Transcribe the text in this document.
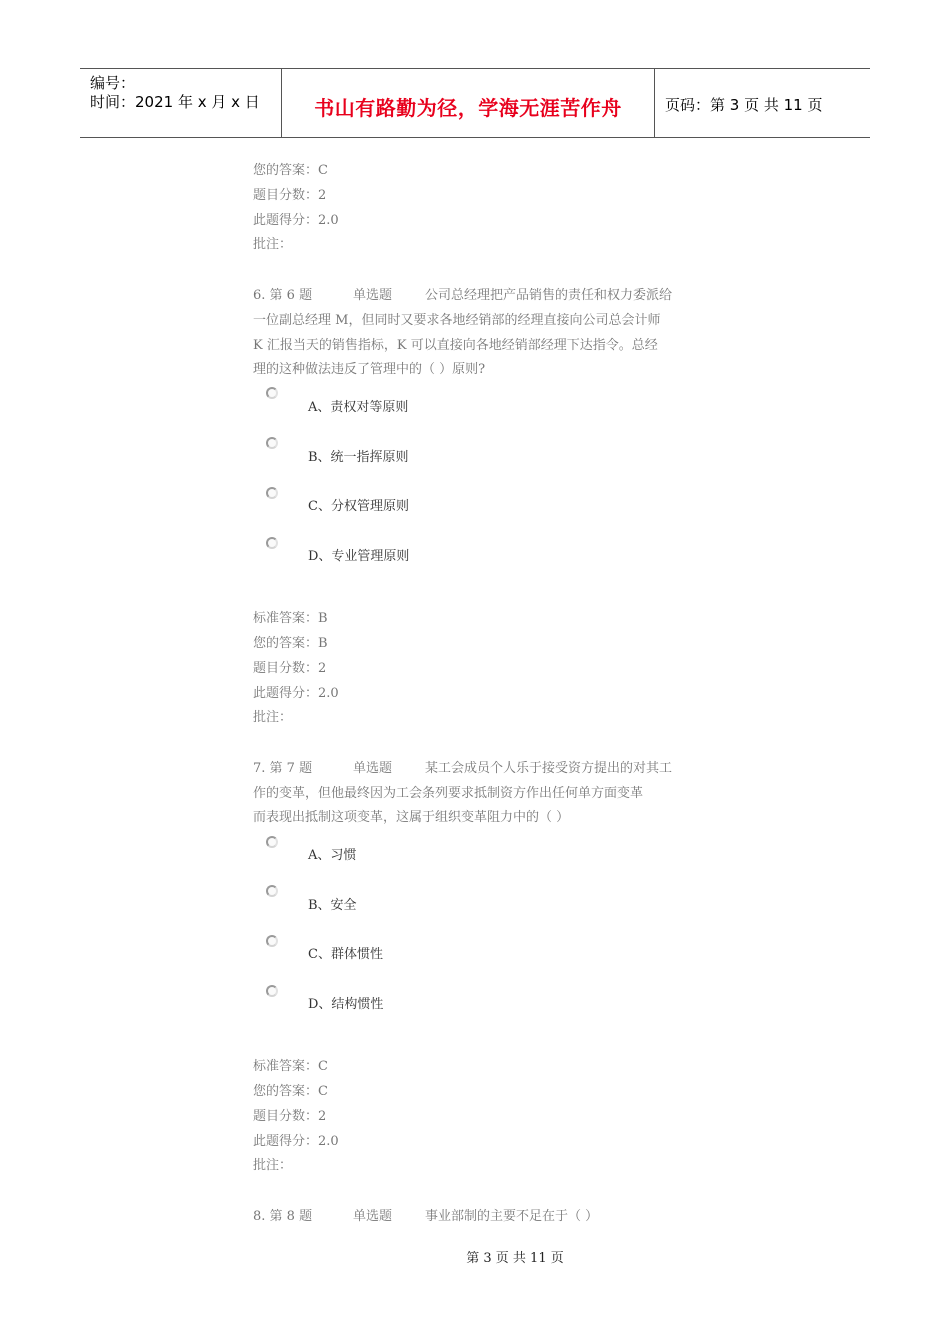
编号：
时间：2021 年 x 月 x 日	书山有路勤为径，学海无涯苦作舟	页码：第 3 页 共 11 页
您的答案：C
题目分数：2
此题得分：2.0
批注：
6. 第 6 题	单选题	公司总经理把产品销售的责任和权力委派给
一位副总经理 M，但同时又要求各地经销部的经理直接向公司总会计师
K 汇报当天的销售指标，K 可以直接向各地经销部经理下达指令。总经
理的这种做法违反了管理中的（ ）原则?
A、责权对等原则
B、统一指挥原则
C、分权管理原则
D、专业管理原则
标准答案：B
您的答案：B
题目分数：2
此题得分：2.0
批注：
7. 第 7 题	单选题	某工会成员个人乐于接受资方提出的对其工
作的变革，但他最终因为工会条列要求抵制资方作出任何单方面变革
而表现出抵制这项变革，这属于组织变革阻力中的（ ）
A、习惯
B、安全
C、群体惯性
D、结构惯性
标准答案：C
您的答案：C
题目分数：2
此题得分：2.0
批注：
8. 第 8 题	单选题	事业部制的主要不足在于（ ）
第 3 页 共 11 页
